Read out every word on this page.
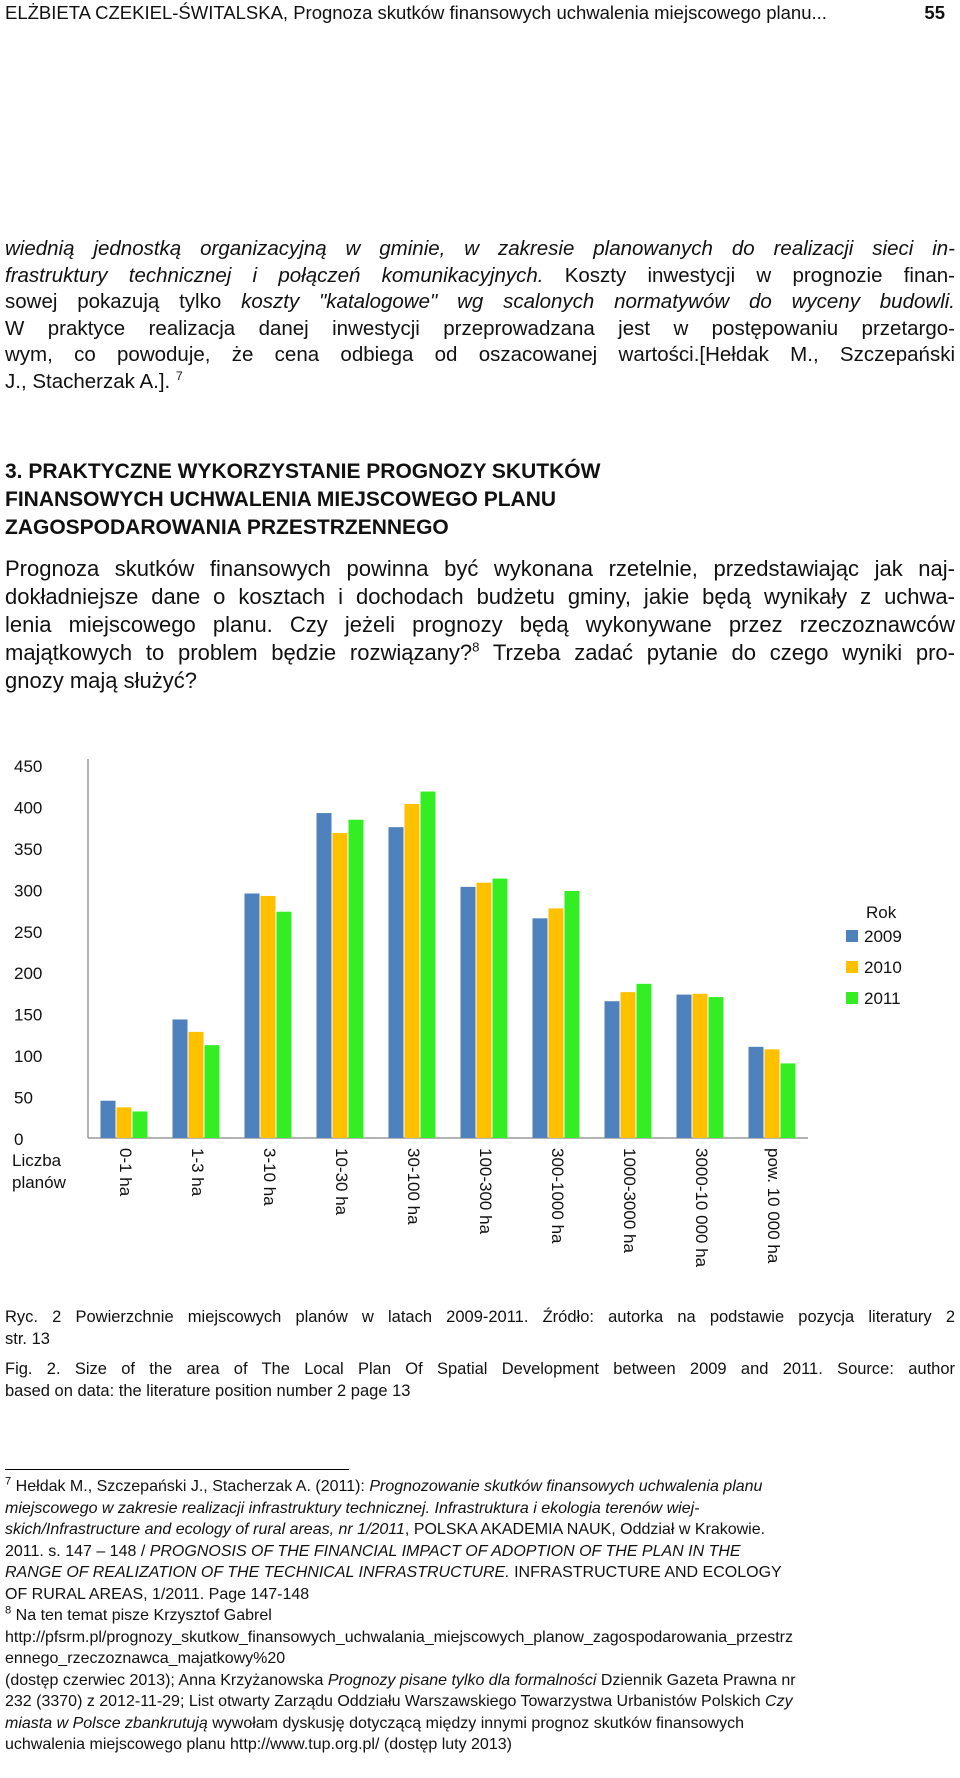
ELŻBIETA CZEKIEL-ŚWITALSKA, Prognoza skutków finansowych uchwalenia miejscowego planu...	55
wiednią jednostką organizacyjną w gminie, w zakresie planowanych do realizacji sieci in-
frastruktury technicznej i połączeń komunikacyjnych. Koszty inwestycji w prognozie finan-
sowej pokazują tylko koszty "katalogowe" wg scalonych normatywów do wyceny budowli.
W praktyce realizacja danej inwestycji przeprowadzana jest w postępowaniu przetargo-
wym, co powoduje, że cena odbiega od oszacowanej wartości.[Hełdak M., Szczepański
J., Stacherzak A.]. $^7$
3. PRAKTYCZNE WYKORZYSTANIE PROGNOZY SKUTKÓW
FINANSOWYCH UCHWALENIA MIEJSCOWEGO PLANU
ZAGOSPODAROWANIA PRZESTRZENNEGO
Prognoza skutków finansowych powinna być wykonana rzetelnie, przedstawiając jak naj-
dokładniejsze dane o kosztach i dochodach budżetu gminy, jakie będą wynikały z uchwa-
lenia miejscowego planu. Czy jeżeli prognozy będą wykonywane przez rzeczoznawców
majątkowych to problem będzie rozwiązany?$^8$ Trzeba zadać pytanie do czego wyniki pro-
gnozy mają służyć?
0
50
100
150
200
250
300
350
400
450
Liczba
planów	0-1 ha	1-3 ha	3-10 ha	10-30 ha	30-100 ha	100-300 ha	300-1000 ha	1000-3000 ha	3000-10 000 ha	pow. 10 000 ha
Rok
2009
2010
2011
Ryc. 2 Powierzchnie miejscowych planów w latach 2009-2011. Źródło: autorka na podstawie pozycja literatury 2
str. 13
Fig. 2. Size of the area of The Local Plan Of Spatial Development between 2009 and 2011. Source: author
based on data: the literature position number 2 page 13
$^7$ Hełdak M., Szczepański J., Stacherzak A. (2011): Prognozowanie skutków finansowych uchwalenia planu
miejscowego w zakresie realizacji infrastruktury technicznej. Infrastruktura i ekologia terenów wiej-
skich/Infrastructure and ecology of rural areas, nr 1/2011, POLSKA AKADEMIA NAUK, Oddział w Krakowie.
2011. s. 147 – 148 / PROGNOSIS OF THE FINANCIAL IMPACT OF ADOPTION OF THE PLAN IN THE
RANGE OF REALIZATION OF THE TECHNICAL INFRASTRUCTURE. INFRASTRUCTURE AND ECOLOGY
OF RURAL AREAS, 1/2011. Page 147-148
$^8$ Na ten temat pisze Krzysztof Gabrel
http://pfsrm.pl/prognozy_skutkow_finansowych_uchwalania_miejscowych_planow_zagospodarowania_przestrz
ennego_rzeczoznawca_majatkowy%20
(dostęp czerwiec 2013); Anna Krzyżanowska Prognozy pisane tylko dla formalności Dziennik Gazeta Prawna nr
232 (3370) z 2012-11-29; List otwarty Zarządu Oddziału Warszawskiego Towarzystwa Urbanistów Polskich Czy
miasta w Polsce zbankrutują wywołam dyskusję dotyczącą między innymi prognoz skutków finansowych
uchwalenia miejscowego planu http://www.tup.org.pl/ (dostęp luty 2013)
